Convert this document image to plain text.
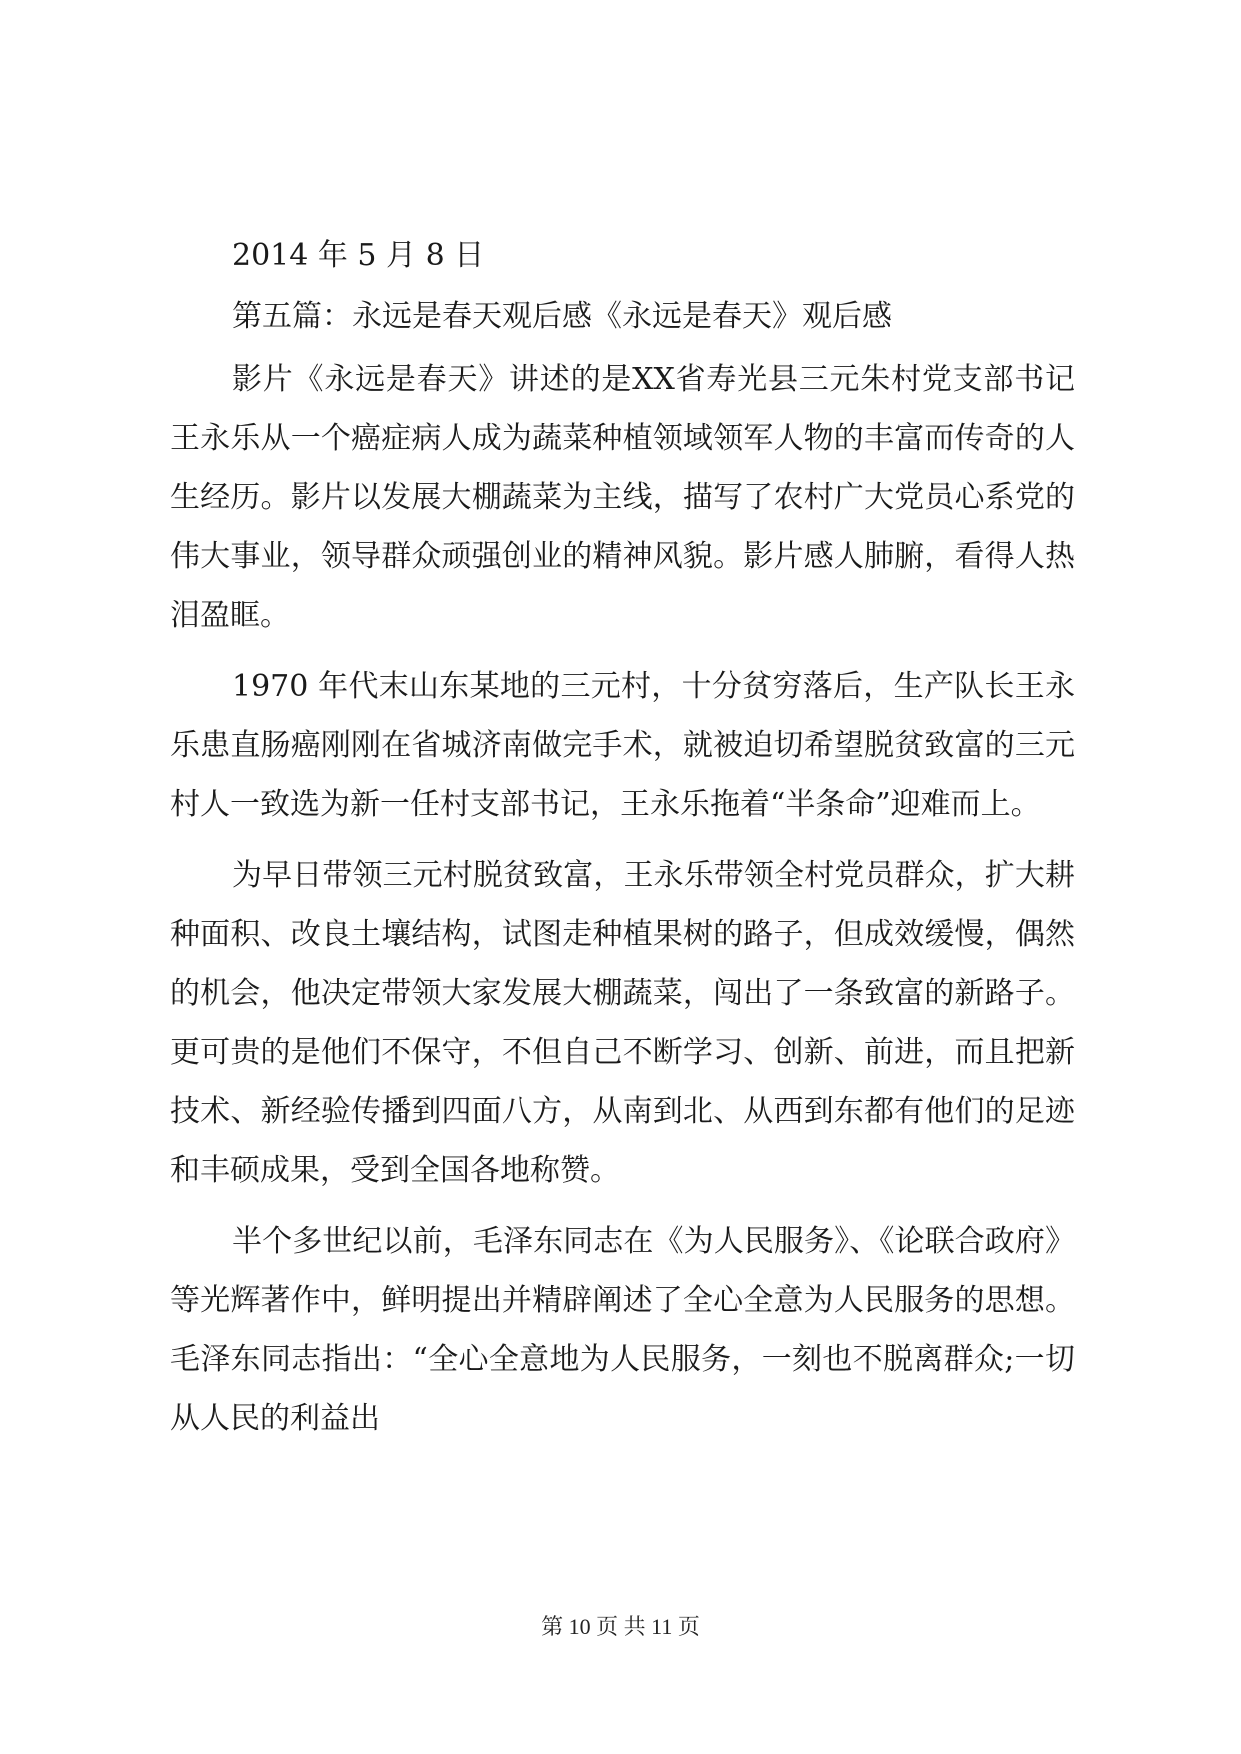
2014 年 5 月 8 日

第五篇：永远是春天观后感《永远是春天》观后感

影片《永远是春天》讲述的是XX省寿光县三元朱村党支部书记王永乐从一个癌症病人成为蔬菜种植领域领军人物的丰富而传奇的人生经历。影片以发展大棚蔬菜为主线，描写了农村广大党员心系党的伟大事业，领导群众顽强创业的精神风貌。影片感人肺腑，看得人热泪盈眶。

1970 年代末山东某地的三元村，十分贫穷落后，生产队长王永乐患直肠癌刚刚在省城济南做完手术，就被迫切希望脱贫致富的三元村人一致选为新一任村支部书记，王永乐拖着“半条命”迎难而上。

为早日带领三元村脱贫致富，王永乐带领全村党员群众，扩大耕种面积、改良土壤结构，试图走种植果树的路子，但成效缓慢，偶然的机会，他决定带领大家发展大棚蔬菜，闯出了一条致富的新路子。更可贵的是他们不保守，不但自己不断学习、创新、前进，而且把新技术、新经验传播到四面八方，从南到北、从西到东都有他们的足迹和丰硕成果，受到全国各地称赞。

半个多世纪以前，毛泽东同志在《为人民服务》、《论联合政府》等光辉著作中，鲜明提出并精辟阐述了全心全意为人民服务的思想。毛泽东同志指出：“全心全意地为人民服务，一刻也不脱离群众;一切从人民的利益出

第 10 页 共 11 页
